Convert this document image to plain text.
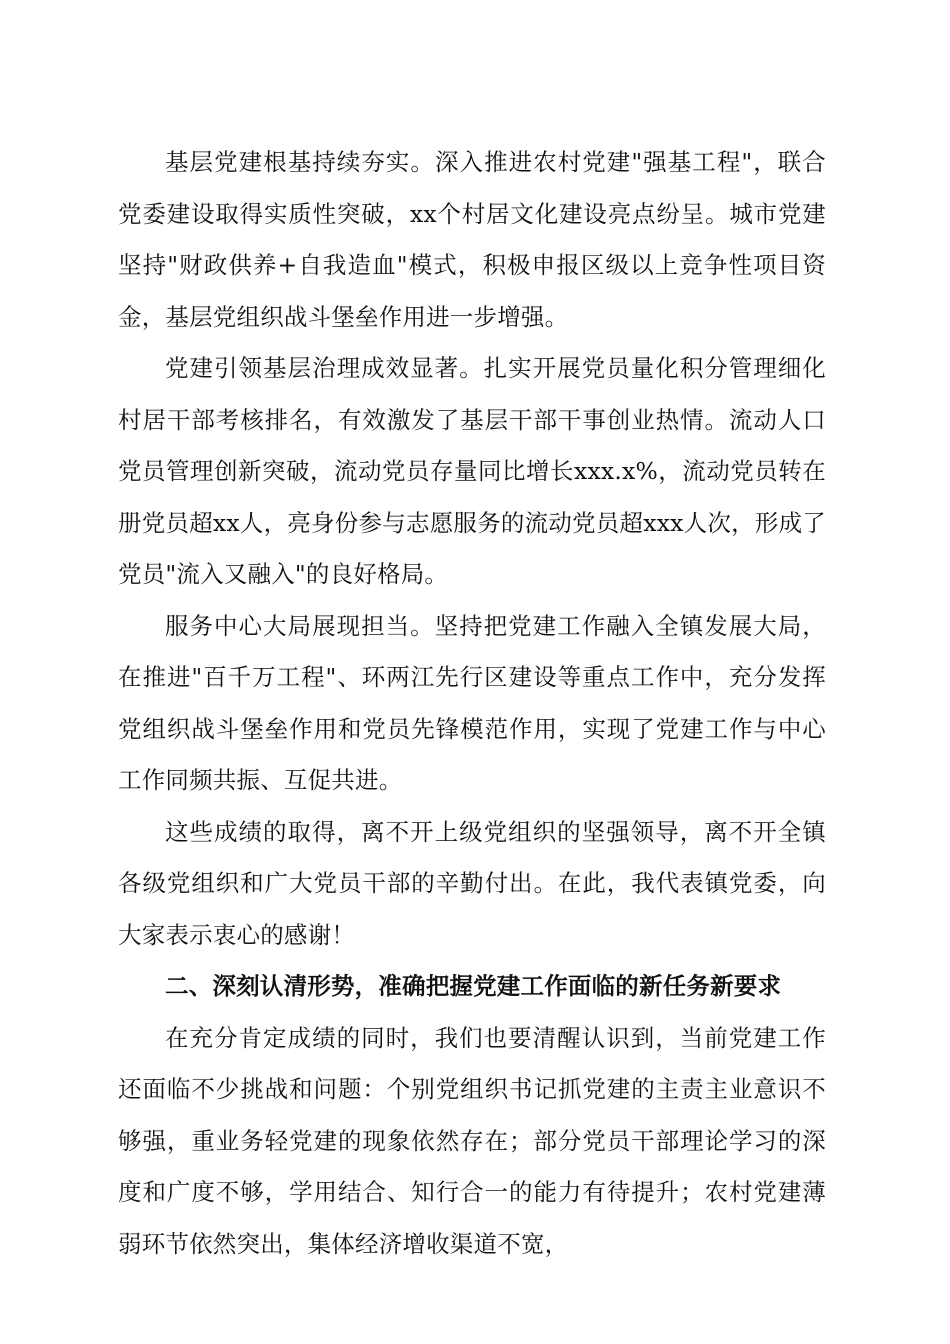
基层党建根基持续夯实。深入推进农村党建"强基工程"，联合党委建设取得实质性突破，xx个村居文化建设亮点纷呈。城市党建坚持"财政供养+自我造血"模式，积极申报区级以上竞争性项目资金，基层党组织战斗堡垒作用进一步增强。

党建引领基层治理成效显著。扎实开展党员量化积分管理细化村居干部考核排名，有效激发了基层干部干事创业热情。流动人口党员管理创新突破，流动党员存量同比增长xxx.x%，流动党员转在册党员超xx人，亮身份参与志愿服务的流动党员超xxx人次，形成了党员"流入又融入"的良好格局。

服务中心大局展现担当。坚持把党建工作融入全镇发展大局，在推进"百千万工程"、环两江先行区建设等重点工作中，充分发挥党组织战斗堡垒作用和党员先锋模范作用，实现了党建工作与中心工作同频共振、互促共进。

这些成绩的取得，离不开上级党组织的坚强领导，离不开全镇各级党组织和广大党员干部的辛勤付出。在此，我代表镇党委，向大家表示衷心的感谢！

二、深刻认清形势，准确把握党建工作面临的新任务新要求

在充分肯定成绩的同时，我们也要清醒认识到，当前党建工作还面临不少挑战和问题：个别党组织书记抓党建的主责主业意识不够强，重业务轻党建的现象依然存在；部分党员干部理论学习的深度和广度不够，学用结合、知行合一的能力有待提升；农村党建薄弱环节依然突出，集体经济增收渠道不宽，
